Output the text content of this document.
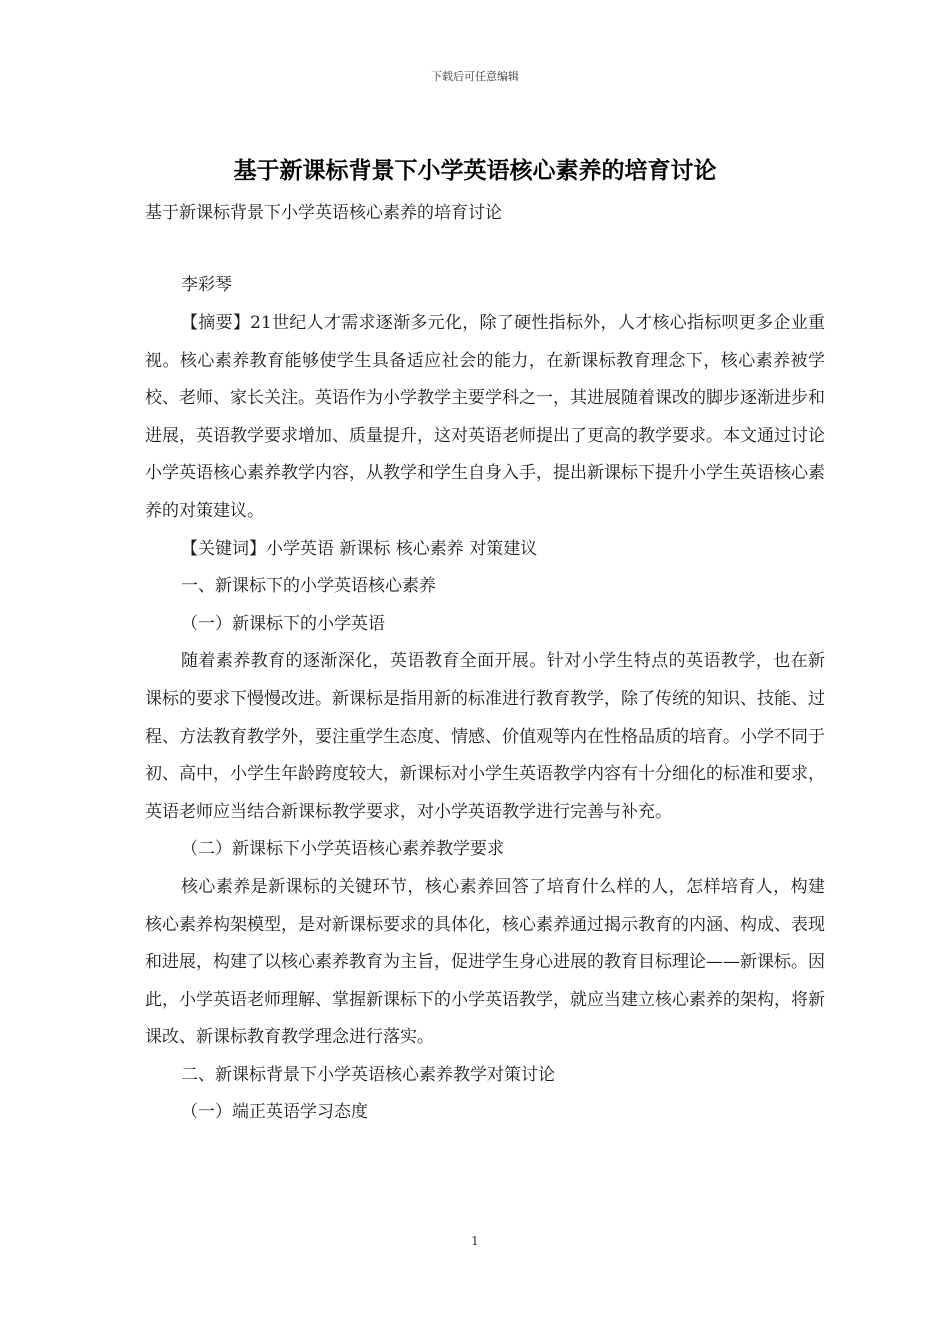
下载后可任意编辑
基于新课标背景下小学英语核心素养的培育讨论
基于新课标背景下小学英语核心素养的培育讨论
李彩琴

【摘要】21世纪人才需求逐渐多元化，除了硬性指标外，人才核心指标呗更多企业重视。核心素养教育能够使学生具备适应社会的能力，在新课标教育理念下，核心素养被学校、老师、家长关注。英语作为小学教学主要学科之一，其进展随着课改的脚步逐渐进步和进展，英语教学要求增加、质量提升，这对英语老师提出了更高的教学要求。本文通过讨论小学英语核心素养教学内容，从教学和学生自身入手，提出新课标下提升小学生英语核心素养的对策建议。

【关键词】小学英语 新课标 核心素养 对策建议

一、新课标下的小学英语核心素养

（一）新课标下的小学英语

随着素养教育的逐渐深化，英语教育全面开展。针对小学生特点的英语教学，也在新课标的要求下慢慢改进。新课标是指用新的标准进行教育教学，除了传统的知识、技能、过程、方法教育教学外，要注重学生态度、情感、价值观等内在性格品质的培育。小学不同于初、高中，小学生年龄跨度较大，新课标对小学生英语教学内容有十分细化的标准和要求，英语老师应当结合新课标教学要求，对小学英语教学进行完善与补充。

（二）新课标下小学英语核心素养教学要求

核心素养是新课标的关键环节，核心素养回答了培育什么样的人，怎样培育人，构建核心素养构架模型，是对新课标要求的具体化，核心素养通过揭示教育的内涵、构成、表现和进展，构建了以核心素养教育为主旨，促进学生身心进展的教育目标理论——新课标。因此，小学英语老师理解、掌握新课标下的小学英语教学，就应当建立核心素养的架构，将新课改、新课标教育教学理念进行落实。

二、新课标背景下小学英语核心素养教学对策讨论

（一）端正英语学习态度

1
